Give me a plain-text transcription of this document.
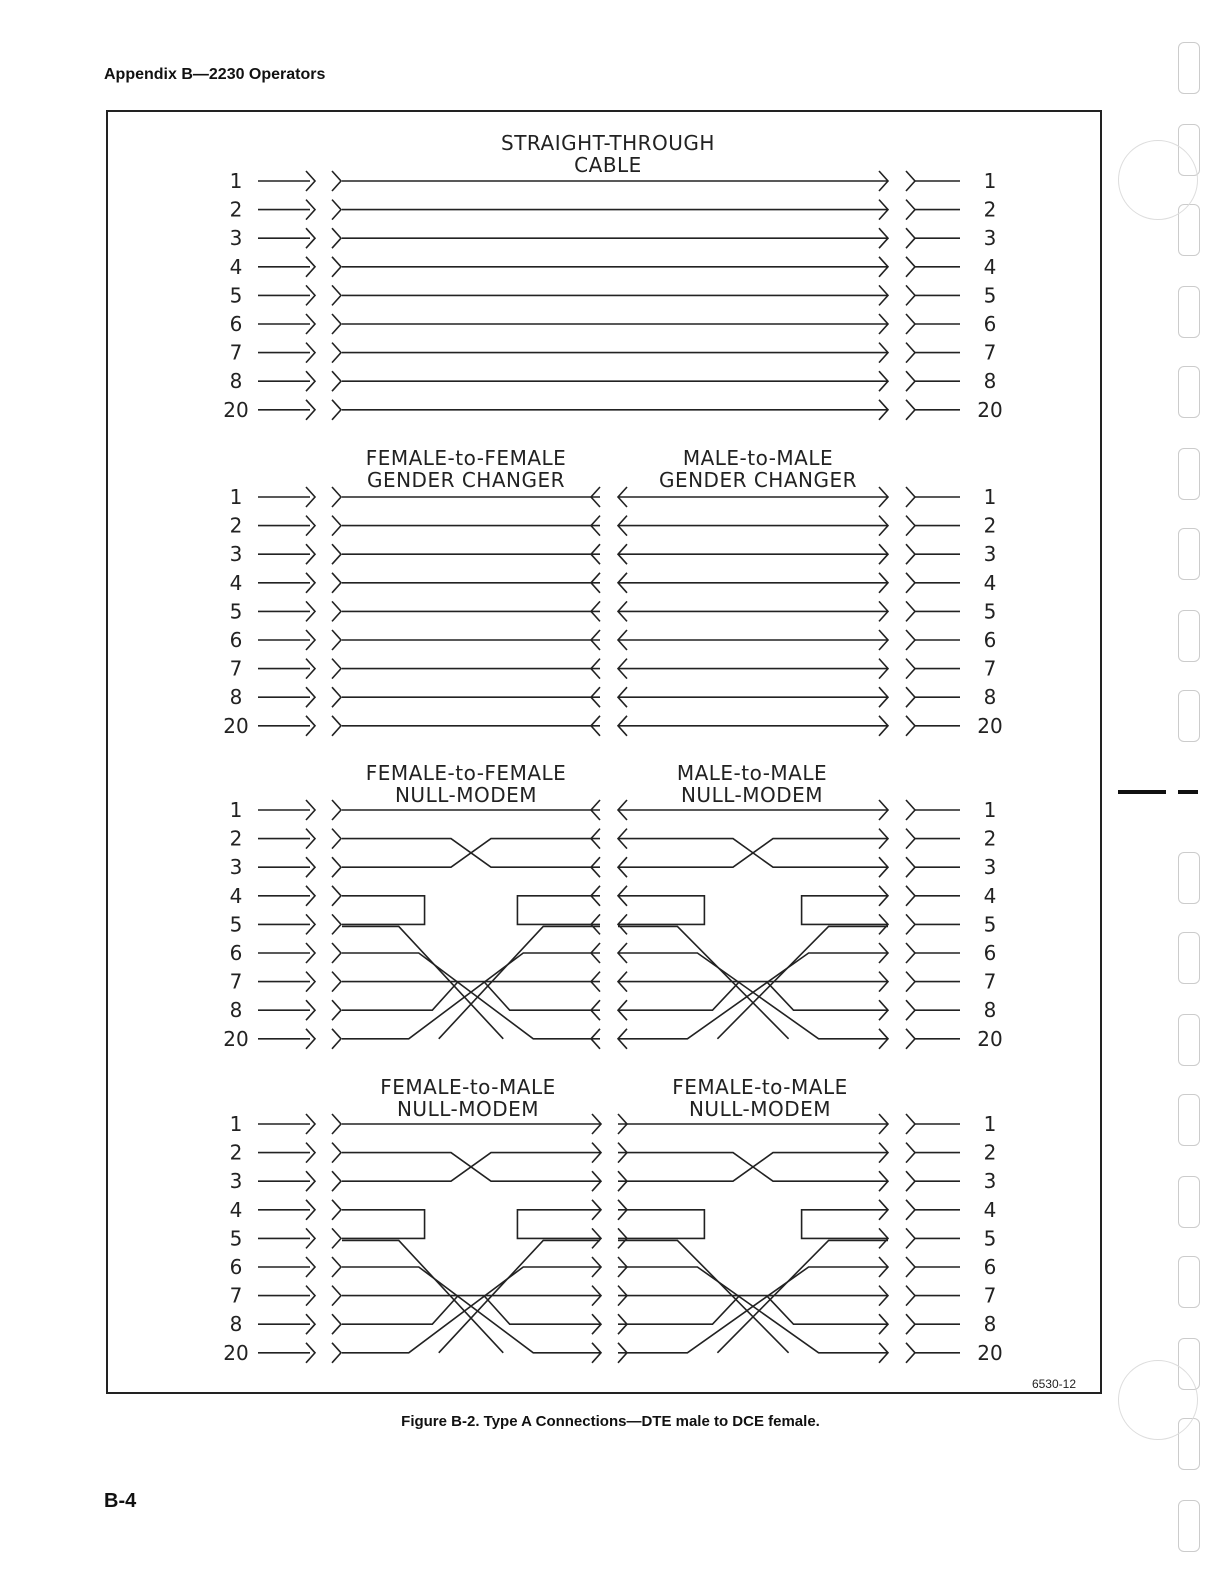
Appendix B—2230 Operators
STRAIGHT-THROUGH
CABLE
FEMALE-to-FEMALE
GENDER CHANGER
MALE-to-MALE
GENDER CHANGER
FEMALE-to-FEMALE
NULL-MODEM
MALE-to-MALE
NULL-MODEM
FEMALE-to-MALE
NULL-MODEM
FEMALE-to-MALE
NULL-MODEM
1	1
2	2
3	3
4	4
5	5
6	6
7	7
8	8
20	20
1	1
2	2
3	3
4	4
5	5
6	6
7	7
8	8
20	20
1	1
2	2
3	3
4	4
5	5
6	6
7	7
8	8
20	20
1	1
2	2
3	3
4	4
5	5
6	6
7	7
8	8
20	20
6530-12
Figure B-2. Type A Connections—DTE male to DCE female.
B-4
